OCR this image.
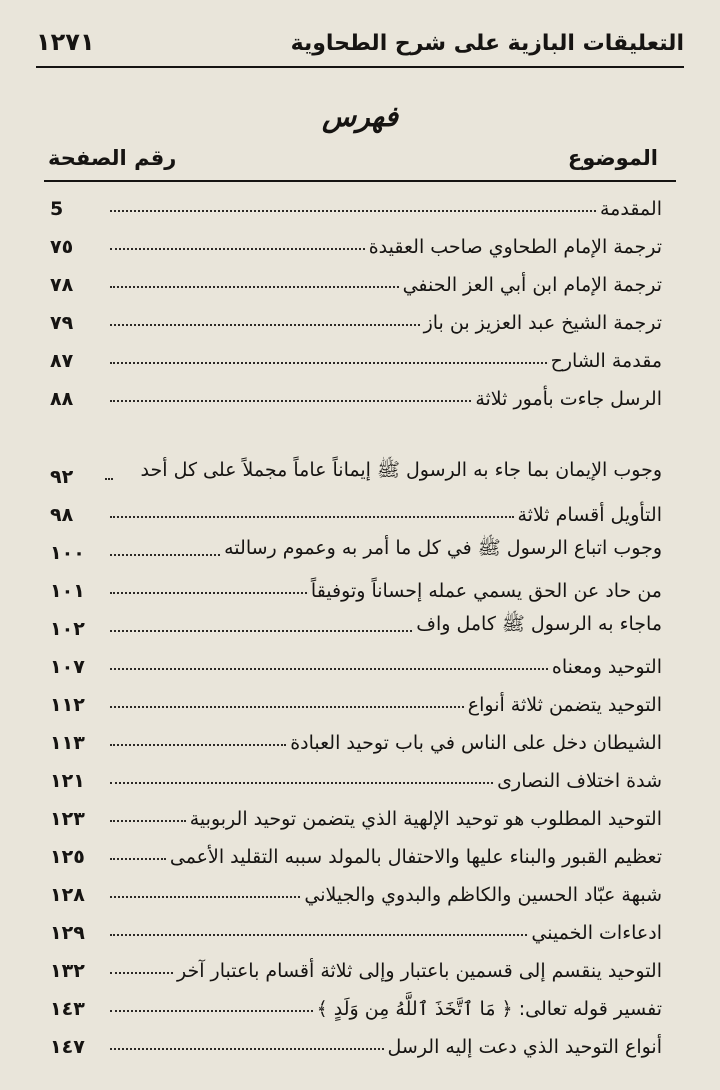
التعليقات البازية على شرح الطحاوية
١٢٧١
فهرس
الموضوع
رقم الصفحة
المقدمة
5
ترجمة الإمام الطحاوي صاحب العقيدة
٧٥
ترجمة الإمام ابن أبي العز الحنفي
٧٨
ترجمة الشيخ عبد العزيز بن باز
٧٩
مقدمة الشارح
٨٧
الرسل جاءت بأمور ثلاثة
٨٨
وجوب الإيمان بما جاء به الرسول ﷺ إيماناً عاماً مجملاً على كل أحد
٩٢
التأويل أقسام ثلاثة
٩٨
وجوب اتباع الرسول ﷺ في كل ما أمر به وعموم رسالته
١٠٠
من حاد عن الحق يسمي عمله إحساناً وتوفيقاً
١٠١
ماجاء به الرسول ﷺ كامل واف
١٠٢
التوحيد ومعناه
١٠٧
التوحيد يتضمن ثلاثة أنواع
١١٢
الشيطان دخل على الناس في باب توحيد العبادة
١١٣
شدة اختلاف النصارى
١٢١
التوحيد المطلوب هو توحيد الإلهية الذي يتضمن توحيد الربوبية
١٢٣
تعظيم القبور والبناء عليها والاحتفال بالمولد سببه التقليد الأعمى
١٢٥
شبهة عبّاد الحسين والكاظم والبدوي والجيلاني
١٢٨
ادعاءات الخميني
١٢٩
التوحيد ينقسم إلى قسمين باعتبار وإلى ثلاثة أقسام باعتبار آخر
١٣٢
تفسير قوله تعالى: ﴿ مَا ٱتَّخَذَ ٱللَّهُ مِن وَلَدٍ ﴾
١٤٣
أنواع التوحيد الذي دعت إليه الرسل
١٤٧
